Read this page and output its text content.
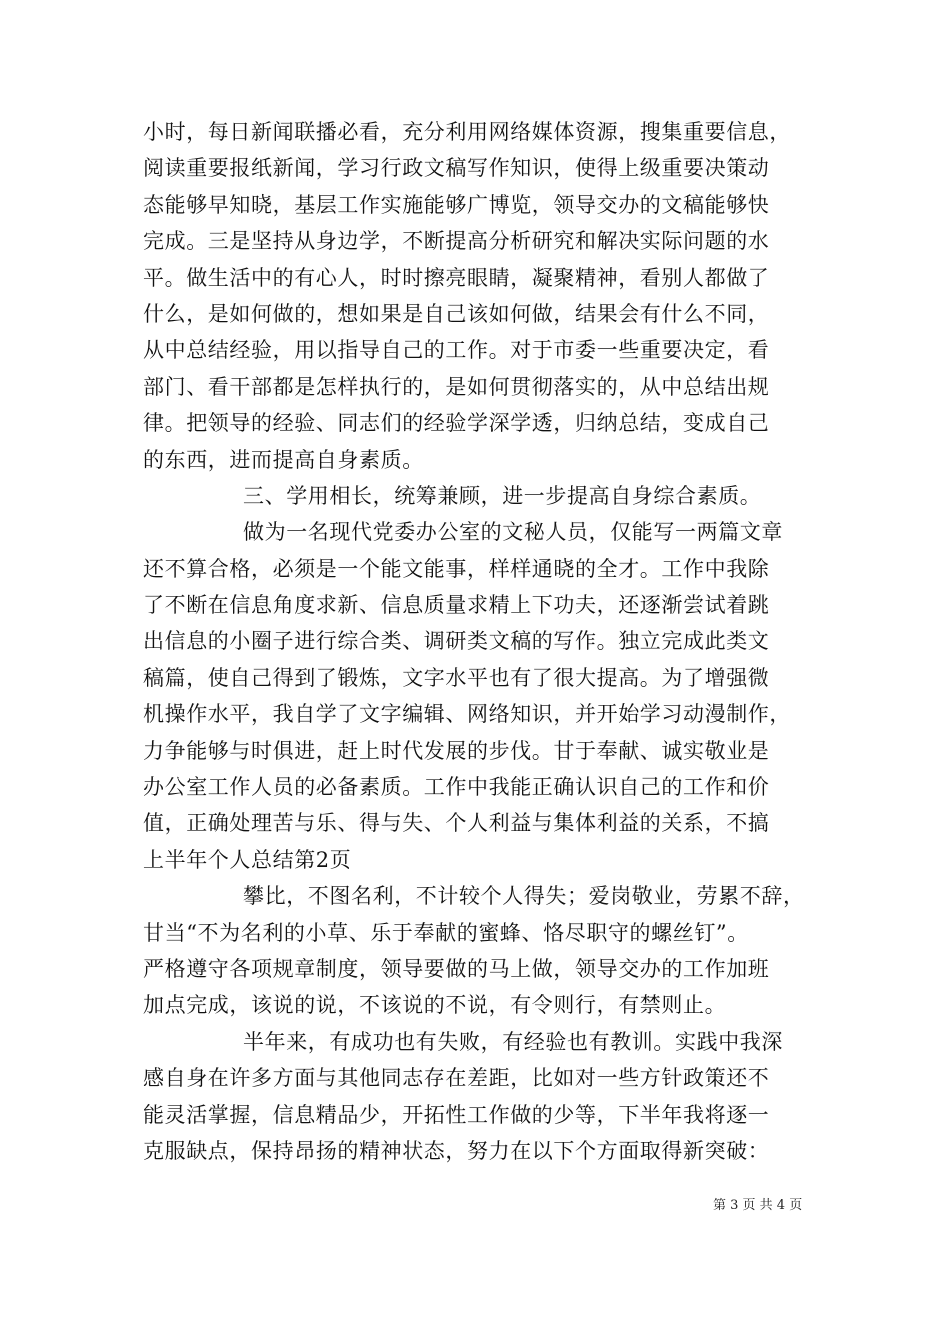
小时，每日新闻联播必看，充分利用网络媒体资源，搜集重要信息，
阅读重要报纸新闻，学习行政文稿写作知识，使得上级重要决策动
态能够早知晓，基层工作实施能够广博览，领导交办的文稿能够快
完成。三是坚持从身边学，不断提高分析研究和解决实际问题的水
平。做生活中的有心人，时时擦亮眼睛，凝聚精神，看别人都做了
什么，是如何做的，想如果是自己该如何做，结果会有什么不同，
从中总结经验，用以指导自己的工作。对于市委一些重要决定，看
部门、看干部都是怎样执行的，是如何贯彻落实的，从中总结出规
律。把领导的经验、同志们的经验学深学透，归纳总结，变成自己
的东西，进而提高自身素质。
三、学用相长，统筹兼顾，进一步提高自身综合素质。
做为一名现代党委办公室的文秘人员，仅能写一两篇文章
还不算合格，必须是一个能文能事，样样通晓的全才。工作中我除
了不断在信息角度求新、信息质量求精上下功夫，还逐渐尝试着跳
出信息的小圈子进行综合类、调研类文稿的写作。独立完成此类文
稿篇，使自己得到了锻炼，文字水平也有了很大提高。为了增强微
机操作水平，我自学了文字编辑、网络知识，并开始学习动漫制作，
力争能够与时俱进，赶上时代发展的步伐。甘于奉献、诚实敬业是
办公室工作人员的必备素质。工作中我能正确认识自己的工作和价
值，正确处理苦与乐、得与失、个人利益与集体利益的关系，不搞
上半年个人总结第2页
攀比，不图名利，不计较个人得失；爱岗敬业，劳累不辞，
甘当“不为名利的小草、乐于奉献的蜜蜂、恪尽职守的螺丝钉”。
严格遵守各项规章制度，领导要做的马上做，领导交办的工作加班
加点完成，该说的说，不该说的不说，有令则行，有禁则止。
半年来，有成功也有失败，有经验也有教训。实践中我深
感自身在许多方面与其他同志存在差距，比如对一些方针政策还不
能灵活掌握，信息精品少，开拓性工作做的少等，下半年我将逐一
克服缺点，保持昂扬的精神状态，努力在以下个方面取得新突破：
第 3 页 共 4 页
